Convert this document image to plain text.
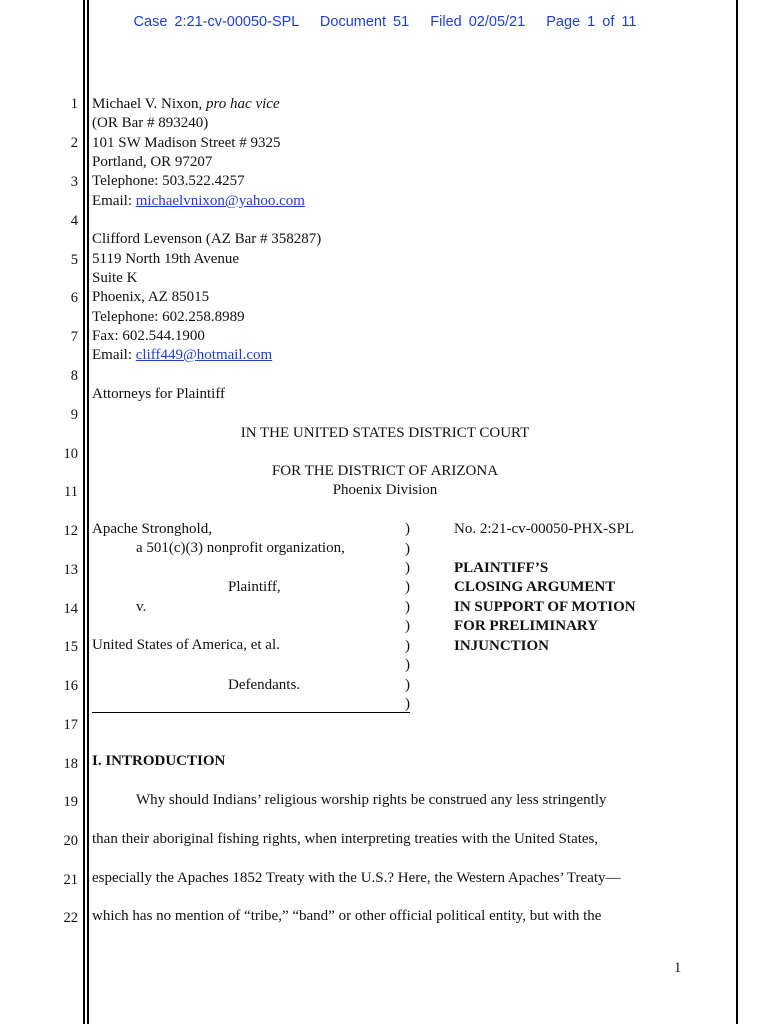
Case 2:21-cv-00050-SPL Document 51 Filed 02/05/21 Page 1 of 11
1
2
3
4
5
6
7
8
9
10
11
12
13
14
15
16
17
18
19
20
21
22
Michael V. Nixon, pro hac vice
(OR Bar # 893240)
101 SW Madison Street # 9325
Portland, OR 97207
Telephone: 503.522.4257
Email: michaelvnixon@yahoo.com
Clifford Levenson (AZ Bar # 358287)
5119 North 19th Avenue
Suite K
Phoenix, AZ 85015
Telephone: 602.258.8989
Fax: 602.544.1900
Email: cliff449@hotmail.com
Attorneys for Plaintiff
IN THE UNITED STATES DISTRICT COURT
FOR THE DISTRICT OF ARIZONA
Phoenix Division
Apache Stronghold,
a 501(c)(3) nonprofit organization,
Plaintiff,
v.
United States of America, et al.
Defendants.
)
)
)
)
)
)
)
)
)
)
No. 2:21-cv-00050-PHX-SPL
PLAINTIFF’S
CLOSING ARGUMENT
IN SUPPORT OF MOTION
FOR PRELIMINARY
INJUNCTION
I. INTRODUCTION
Why should Indians’ religious worship rights be construed any less stringently
than their aboriginal fishing rights, when interpreting treaties with the United States,
especially the Apaches 1852 Treaty with the U.S.? Here, the Western Apaches’ Treaty—
which has no mention of “tribe,” “band” or other official political entity, but with the
1
